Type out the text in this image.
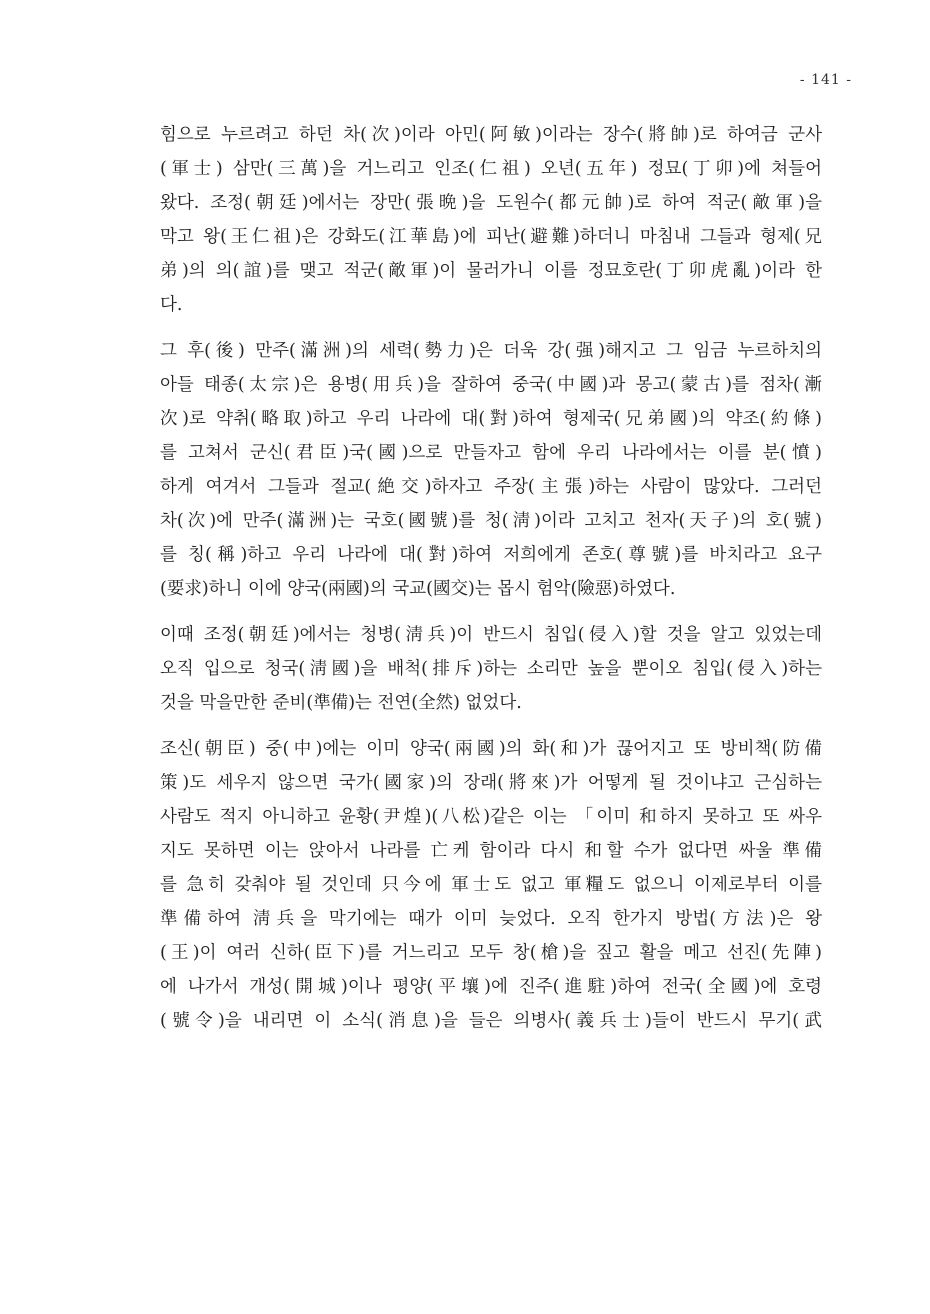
- 141 -
힘으로 누르려고 하던 차(次)이라 아민(阿敏)이라는 장수(將帥)로 하여금 군사
(軍士) 삼만(三萬)을 거느리고 인조(仁祖) 오년(五年) 정묘(丁卯)에 쳐들어
왔다. 조정(朝廷)에서는 장만(張晩)을 도원수(都元帥)로 하여 적군(敵軍)을
막고 왕(王仁祖)은 강화도(江華島)에 피난(避難)하더니 마침내 그들과 형제(兄
弟)의 의(誼)를 맺고 적군(敵軍)이 물러가니 이를 정묘호란(丁卯虎亂)이라 한
다.
그 후(後) 만주(滿洲)의 세력(勢力)은 더욱 강(强)해지고 그 임금 누르하치의
아들 태종(太宗)은 용병(用兵)을 잘하여 중국(中國)과 몽고(蒙古)를 점차(漸
次)로 약취(略取)하고 우리 나라에 대(對)하여 형제국(兄弟國)의 약조(約條)
를 고쳐서 군신(君臣)국(國)으로 만들자고 함에 우리 나라에서는 이를 분(憤)
하게 여겨서 그들과 절교(絶交)하자고 주장(主張)하는 사람이 많았다. 그러던
차(次)에 만주(滿洲)는 국호(國號)를 청(淸)이라 고치고 천자(天子)의 호(號)
를 칭(稱)하고 우리 나라에 대(對)하여 저희에게 존호(尊號)를 바치라고 요구
(要求)하니 이에 양국(兩國)의 국교(國交)는 몹시 험악(險惡)하였다.
이때 조정(朝廷)에서는 청병(淸兵)이 반드시 침입(侵入)할 것을 알고 있었는데
오직 입으로 청국(淸國)을 배척(排斥)하는 소리만 높을 뿐이오 침입(侵入)하는
것을 막을만한 준비(準備)는 전연(全然) 없었다.
조신(朝臣) 중(中)에는 이미 양국(兩國)의 화(和)가 끊어지고 또 방비책(防備
策)도 세우지 않으면 국가(國家)의 장래(將來)가 어떻게 될 것이냐고 근심하는
사람도 적지 아니하고 윤황(尹煌)(八松)같은 이는 「이미 和하지 못하고 또 싸우
지도 못하면 이는 앉아서 나라를 亡케 함이라 다시 和할 수가 없다면 싸울 準備
를 急히 갖춰야 될 것인데 只今에 軍士도 없고 軍糧도 없으니 이제로부터 이를
準備하여 淸兵을 막기에는 때가 이미 늦었다. 오직 한가지 방법(方法)은 왕
(王)이 여러 신하(臣下)를 거느리고 모두 창(槍)을 짚고 활을 메고 선진(先陣)
에 나가서 개성(開城)이나 평양(平壤)에 진주(進駐)하여 전국(全國)에 호령
(號令)을 내리면 이 소식(消息)을 들은 의병사(義兵士)들이 반드시 무기(武
